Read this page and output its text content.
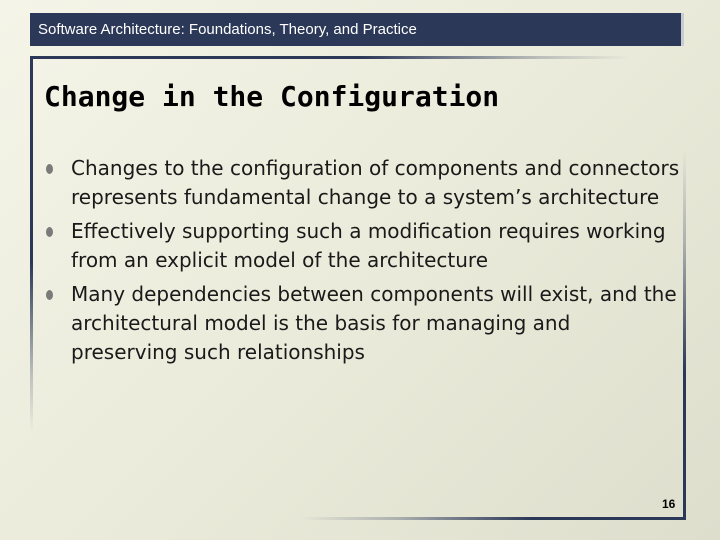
Software Architecture: Foundations, Theory, and Practice
Change in the Configuration
Changes to the configuration of components and connectors represents fundamental change to a system’s architecture
Effectively supporting such a modification requires working from an explicit model of the architecture
Many dependencies between components will exist, and the architectural model is the basis for managing and preserving such relationships
16
